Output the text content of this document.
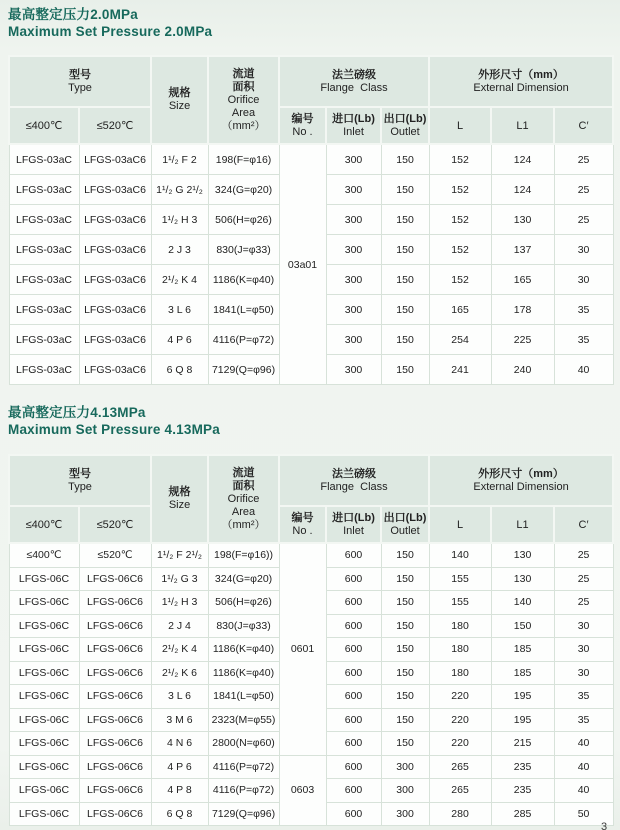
最高整定压力2.0MPa

Maximum Set Pressure 2.0MPa

型号
Type	规格
Size

流道
面积
Orifice
Area
（mm²）

法兰磅级
Flange  Class

外形尺寸（mm）
External Dimension

≤400℃	≤520℃	
编号
No .

进口(Lb)
Inlet

出口(Lb)
Outlet	L	L1	C′
LFGS-03aC	LFGS-03aC6	1¹/₂ F 2	198(F=φ16)	03a01	300	150	152	124	25
LFGS-03aC	LFGS-03aC6	1¹/₂ G 2¹/₂	324(G=φ20)		300	150	152	124	25
LFGS-03aC	LFGS-03aC6	1¹/₂ H 3	506(H=φ26)		300	150	152	130	25
LFGS-03aC	LFGS-03aC6	2 J 3	830(J=φ33)		300	150	152	137	30
LFGS-03aC	LFGS-03aC6	2¹/₂ K 4	1186(K=φ40)		300	150	152	165	30
LFGS-03aC	LFGS-03aC6	3 L 6	1841(L=φ50)		300	150	165	178	35
LFGS-03aC	LFGS-03aC6	4 P 6	4116(P=φ72)		300	150	254	225	35
LFGS-03aC	LFGS-03aC6	6 Q 8	7129(Q=φ96)		300	150	241	240	40

最高整定压力4.13MPa

Maximum Set Pressure 4.13MPa

型号
Type	规格
Size

流道
面积
Orifice
Area
（mm²）

法兰磅级
Flange  Class

外形尺寸（mm）
External Dimension

≤400℃	≤520℃	
编号
No .

进口(Lb)
Inlet

出口(Lb)
Outlet	L	L1	C′
≤400℃	≤520℃	1¹/₂ F 2¹/₂	198(F=φ16))	0601	600	150	140	130	25
LFGS-06C	LFGS-06C6	1¹/₂ G 3	324(G=φ20)		600	150	155	130	25
LFGS-06C	LFGS-06C6	1¹/₂ H 3	506(H=φ26)		600	150	155	140	25
LFGS-06C	LFGS-06C6	2 J 4	830(J=φ33)		600	150	180	150	30
LFGS-06C	LFGS-06C6	2¹/₂ K 4	1186(K=φ40)		600	150	180	185	30
LFGS-06C	LFGS-06C6	2¹/₂ K 6	1186(K=φ40)		600	150	180	185	30
LFGS-06C	LFGS-06C6	3 L 6	1841(L=φ50)		600	150	220	195	35
LFGS-06C	LFGS-06C6	3 M 6	2323(M=φ55)		600	150	220	195	35
LFGS-06C	LFGS-06C6	4 N 6	2800(N=φ60)		600	150	220	215	40
LFGS-06C	LFGS-06C6	4 P 6	4116(P=φ72)	0603	600	300	265	235	40
LFGS-06C	LFGS-06C6	4 P 8	4116(P=φ72)		600	300	265	235	40
LFGS-06C	LFGS-06C6	6 Q 8	7129(Q=φ96)		600	300	280	285	50
3
